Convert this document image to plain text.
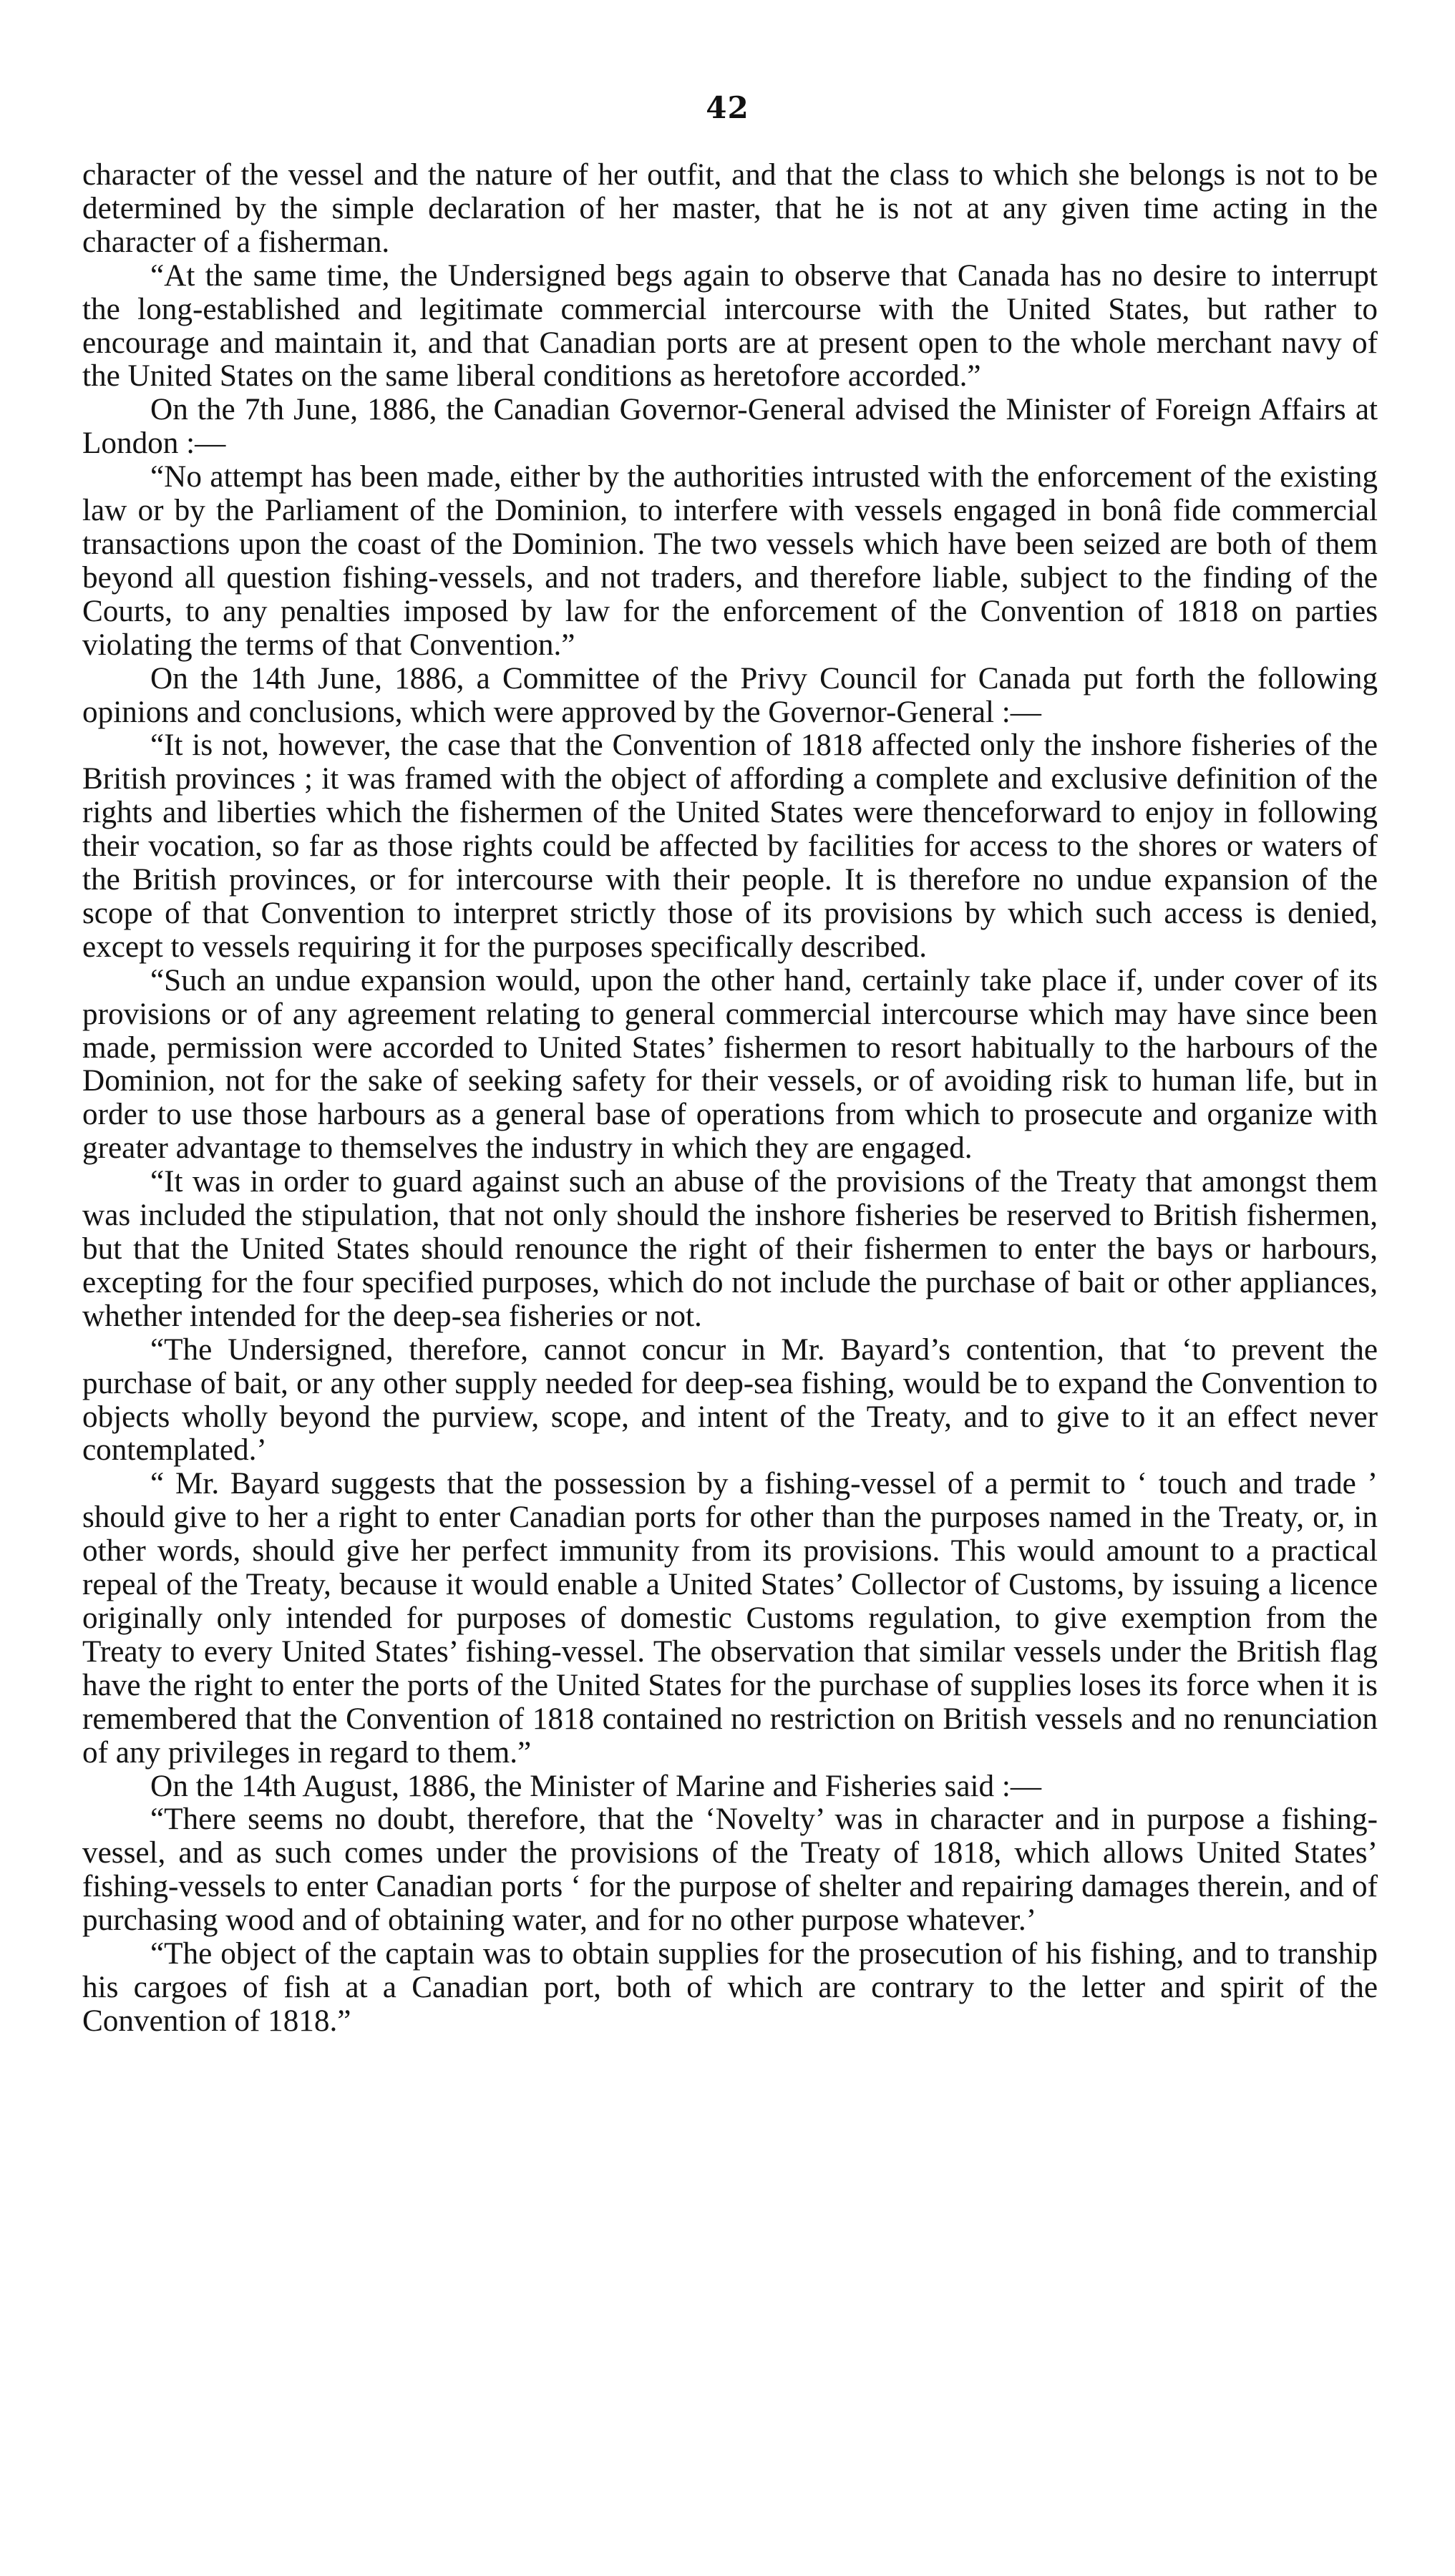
42

character of the vessel and the nature of her outfit, and that the class to which she belongs is not to be determined by the simple declaration of her master, that he is not at any given time acting in the character of a fisherman.

“At the same time, the Undersigned begs again to observe that Canada has no desire to interrupt the long-established and legitimate commercial intercourse with the United States, but rather to encourage and maintain it, and that Canadian ports are at present open to the whole merchant navy of the United States on the same liberal conditions as heretofore accorded.”

On the 7th June, 1886, the Canadian Governor-General advised the Minister of Foreign Affairs at London :—

“No attempt has been made, either by the authorities intrusted with the enforcement of the existing law or by the Parliament of the Dominion, to interfere with vessels engaged in bonâ fide commercial transactions upon the coast of the Dominion. The two vessels which have been seized are both of them beyond all question fishing-vessels, and not traders, and therefore liable, subject to the finding of the Courts, to any penalties imposed by law for the enforcement of the Convention of 1818 on parties violating the terms of that Convention.”

On the 14th June, 1886, a Committee of the Privy Council for Canada put forth the following opinions and conclusions, which were approved by the Governor-General :—

“It is not, however, the case that the Convention of 1818 affected only the inshore fisheries of the British provinces ; it was framed with the object of affording a complete and exclusive definition of the rights and liberties which the fishermen of the United States were thenceforward to enjoy in following their vocation, so far as those rights could be affected by facilities for access to the shores or waters of the British provinces, or for intercourse with their people. It is therefore no undue expansion of the scope of that Convention to interpret strictly those of its provisions by which such access is denied, except to vessels requiring it for the purposes specifically described.

“Such an undue expansion would, upon the other hand, certainly take place if, under cover of its provisions or of any agreement relating to general commercial intercourse which may have since been made, permission were accorded to United States’ fishermen to resort habitually to the harbours of the Dominion, not for the sake of seeking safety for their vessels, or of avoiding risk to human life, but in order to use those harbours as a general base of operations from which to prosecute and organize with greater advantage to themselves the industry in which they are engaged.

“It was in order to guard against such an abuse of the provisions of the Treaty that amongst them was included the stipulation, that not only should the inshore fisheries be reserved to British fishermen, but that the United States should renounce the right of their fishermen to enter the bays or harbours, excepting for the four specified purposes, which do not include the purchase of bait or other appliances, whether intended for the deep-sea fisheries or not.

“The Undersigned, therefore, cannot concur in Mr. Bayard’s contention, that ‘to prevent the purchase of bait, or any other supply needed for deep-sea fishing, would be to expand the Convention to objects wholly beyond the purview, scope, and intent of the Treaty, and to give to it an effect never contemplated.’

“ Mr. Bayard suggests that the possession by a fishing-vessel of a permit to ‘ touch and trade ’ should give to her a right to enter Canadian ports for other than the purposes named in the Treaty, or, in other words, should give her perfect immunity from its provisions. This would amount to a practical repeal of the Treaty, because it would enable a United States’ Collector of Customs, by issuing a licence originally only intended for purposes of domestic Customs regulation, to give exemption from the Treaty to every United States’ fishing-vessel. The observation that similar vessels under the British flag have the right to enter the ports of the United States for the purchase of supplies loses its force when it is remembered that the Convention of 1818 contained no restriction on British vessels and no renunciation of any privileges in regard to them.”

On the 14th August, 1886, the Minister of Marine and Fisheries said :—

“There seems no doubt, therefore, that the ‘Novelty’ was in character and in purpose a fishing-vessel, and as such comes under the provisions of the Treaty of 1818, which allows United States’ fishing-vessels to enter Canadian ports ‘ for the purpose of shelter and repairing damages therein, and of purchasing wood and of obtaining water, and for no other purpose whatever.’

“The object of the captain was to obtain supplies for the prosecution of his fishing, and to tranship his cargoes of fish at a Canadian port, both of which are contrary to the letter and spirit of the Convention of 1818.”
